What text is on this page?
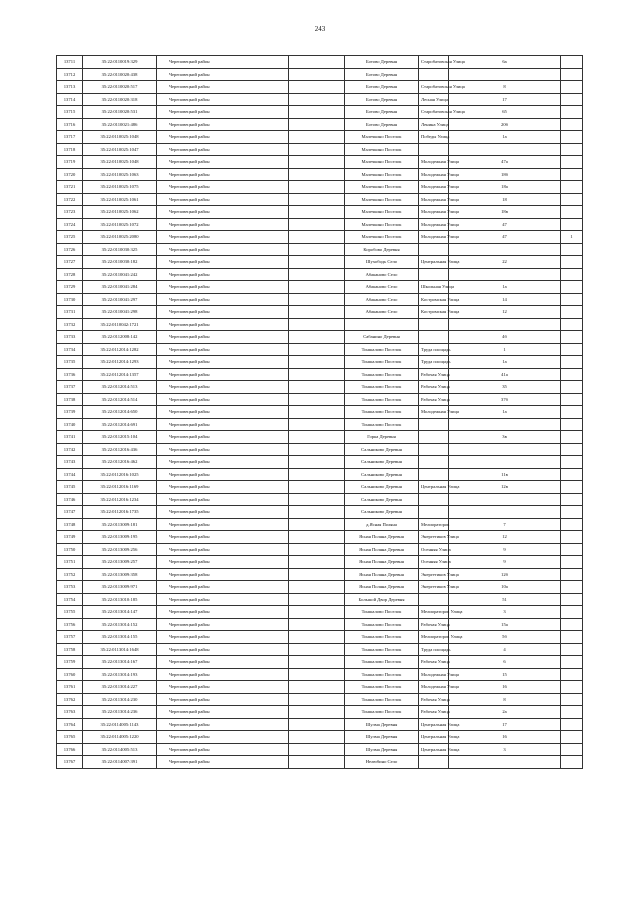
243
13711	35:22:0110019:329	Череповецкий район		Ботово Деревня	Старобатовская Улица	6а	
13712	35:22:0110020:438	Череповецкий район		Ботово Деревня			
13713	35:22:0110020:517	Череповецкий район		Ботово Деревня	Старобатовская Улица	8	
13714	35:22:0110020:318	Череповецкий район		Ботово Деревня	Лесная Улица	17	
13715	35:22:0110020:531	Череповецкий район		Ботово Деревня	Старобатовская Улица	65	
13716	35:22:0110021:486	Череповецкий район		Ботово Деревня	Ленина Улица	20б	
13717	35:22:0110025:1048	Череповецкий район		Малечкино Поселок	Победы Улица	1а	
13718	35:22:0110025:1047	Череповецкий район		Малечкино Поселок			
13719	35:22:0110025:1048	Череповецкий район		Малечкино Поселок	Молодежная Улица	47а	
13720	35:22:0110025:1063	Череповецкий район		Малечкино Поселок	Молодежная Улица	18б	
13721	35:22:0110025:1075	Череповецкий район		Малечкино Поселок	Молодежная Улица	18а	
13722	35:22:0110025:1061	Череповецкий район		Малечкино Поселок	Молодежная Улица	18	
13723	35:22:0110025:1062	Череповецкий район		Малечкино Поселок	Молодежная Улица	18в	
13724	35:22:0110025:1072	Череповецкий район		Малечкино Поселок	Молодежная Улица	47	
13725	35:22:0110025:2080	Череповецкий район		Малечкино Поселок	Молодежная Улица	47	1
13726	35:22:0110030:325	Череповецкий район		Коробово Деревня			
13727	35:22:0110030:182	Череповецкий район		Шухободь Село	Центральная Улица	22	
13728	35:22:0110041:242	Череповецкий район		Абаканово Село			
13729	35:22:0110041:284	Череповецкий район		Абаканово Село	Школьная Улица	1а	
13730	35:22:0110041:297	Череповецкий район		Абаканово Село	Костромская Улица	14	
13731	35:22:0110041:298	Череповецкий район		Абаканово Село	Костромская Улица	12	
13732	35:22:0110042:1721	Череповецкий район					
13733	35:22:0112008:142	Череповецкий район		Сабанино Деревня		4б	
13734	35:22:0112014:1282	Череповецкий район		Тоншалово Поселок	Труда площадь	1	
13735	35:22:0112014:1293	Череповецкий район		Тоншалово Поселок	Труда площадь	1а	
13736	35:22:0112014:1357	Череповецкий район		Тоншалово Поселок	Рабочая Улица	41а	
13737	35:22:0112014:513	Череповецкий район		Тоншалово Поселок	Рабочая Улица	35	
13738	35:22:0112014:514	Череповецкий район		Тоншалово Поселок	Рабочая Улица	37б	
13739	35:22:0112014:650	Череповецкий район		Тоншалово Поселок	Молодежная Улица	1а	
13740	35:22:0112014:691	Череповецкий район		Тоншалово Поселок			
13741	35:22:0112015:104	Череповецкий район		Горка Деревня		3в	
13742	35:22:0112016:436	Череповецкий район		Сальниково Деревня			
13743	35:22:0112016:462	Череповецкий район		Сальниково Деревня			
13744	35:22:0112016:1025	Череповецкий район		Сальниково Деревня		11в	
13745	35:22:0112016:1169	Череповецкий район		Сальниково Деревня	Центральная Улица	12в	
13746	35:22:0112016:1234	Череповецкий район		Сальниково Деревня			
13747	35:22:0112016:1735	Череповецкий район		Сальниково Деревня			
13748	35:22:0113009:181	Череповецкий район		д.Ясная Поляна	Мелиораторов	7	
13749	35:22:0113009:195	Череповецкий район		Ясная Поляна Деревня	Энергетиков Улица	12	
13750	35:22:0113009:256	Череповецкий район		Ясная Поляна Деревня	Осенняя Улица	9	
13751	35:22:0113009:257	Череповецкий район		Ясная Поляна Деревня	Осенняя Улица	9	
13752	35:22:0113009:358	Череповецкий район		Ясная Поляна Деревня	Энергетиков Улица	12б	
13753	35:22:0113009:971	Череповецкий район		Ясная Поляна Деревня	Энергетиков Улица	10а	
13754	35:22:0113010:185	Череповецкий район		Большой Двор Деревня		51	
13755	35:22:0113014:147	Череповецкий район		Тоншалово Поселок	Мелиораторов Улица	3	
13756	35:22:0113014:152	Череповецкий район		Тоншалово Поселок	Рабочая Улица	15а	
13757	35:22:0113014:155	Череповецкий район		Тоншалово Поселок	Мелиораторов Улица	5б	
13758	35:22:0113014:1648	Череповецкий район		Тоншалово Поселок	Труда площадь	4	
13759	35:22:0113014:167	Череповецкий район		Тоншалово Поселок	Рабочая Улица	6	
13760	35:22:0113014:193	Череповецкий район		Тоншалово Поселок	Молодежная Улица	15	
13761	35:22:0113014:227	Череповецкий район		Тоншалово Поселок	Молодежная Улица	16	
13762	35:22:0113014:230	Череповецкий район		Тоншалово Поселок	Рабочая Улица	8	
13763	35:22:0113014:236	Череповецкий район		Тоншалово Поселок	Рабочая Улица	2а	
13764	35:22:0114005:1143	Череповецкий район		Шулма Деревня	Центральная Улица	17	
13765	35:22:0114005:1220	Череповецкий район		Шулма Деревня	Центральная Улица	16	
13766	35:22:0114005:513	Череповецкий район		Шулма Деревня	Центральная Улица	3	
13767	35:22:0114007:391	Череповецкий район		Нелюбино Село			
